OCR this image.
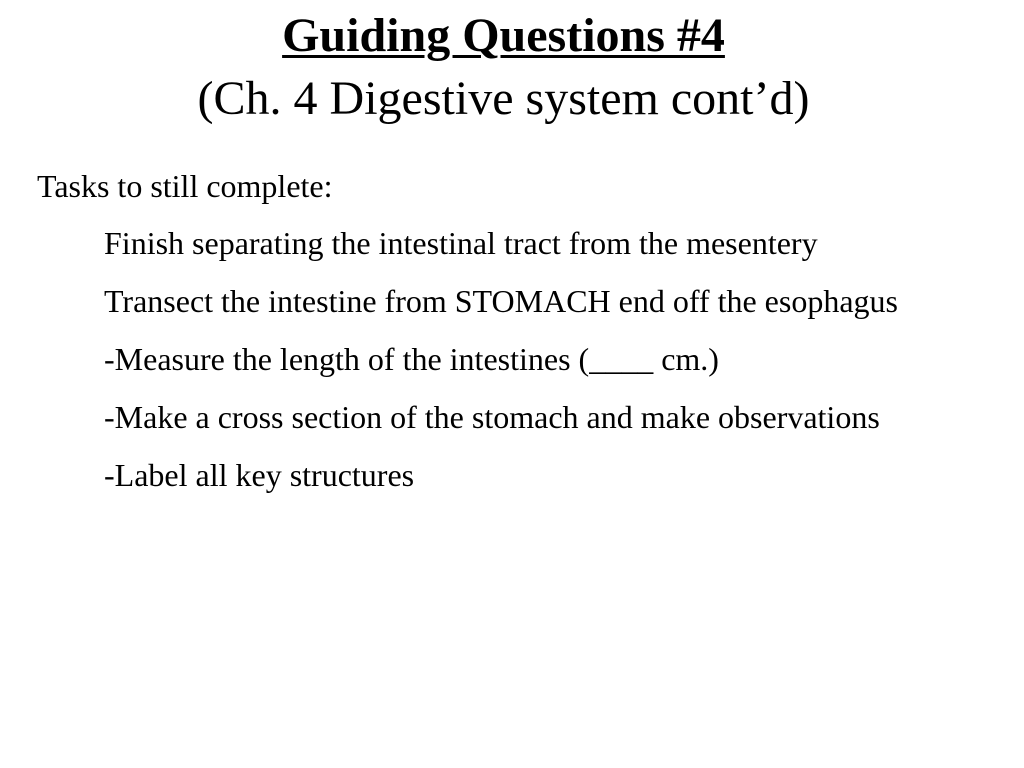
Guiding Questions #4
(Ch. 4 Digestive system cont’d)

Tasks to still complete:

Finish separating the intestinal tract from the mesentery
Transect the intestine from STOMACH end off the esophagus
-Measure the length of the intestines (____ cm.)
-Make a cross section of the stomach and make observations
-Label all key structures
